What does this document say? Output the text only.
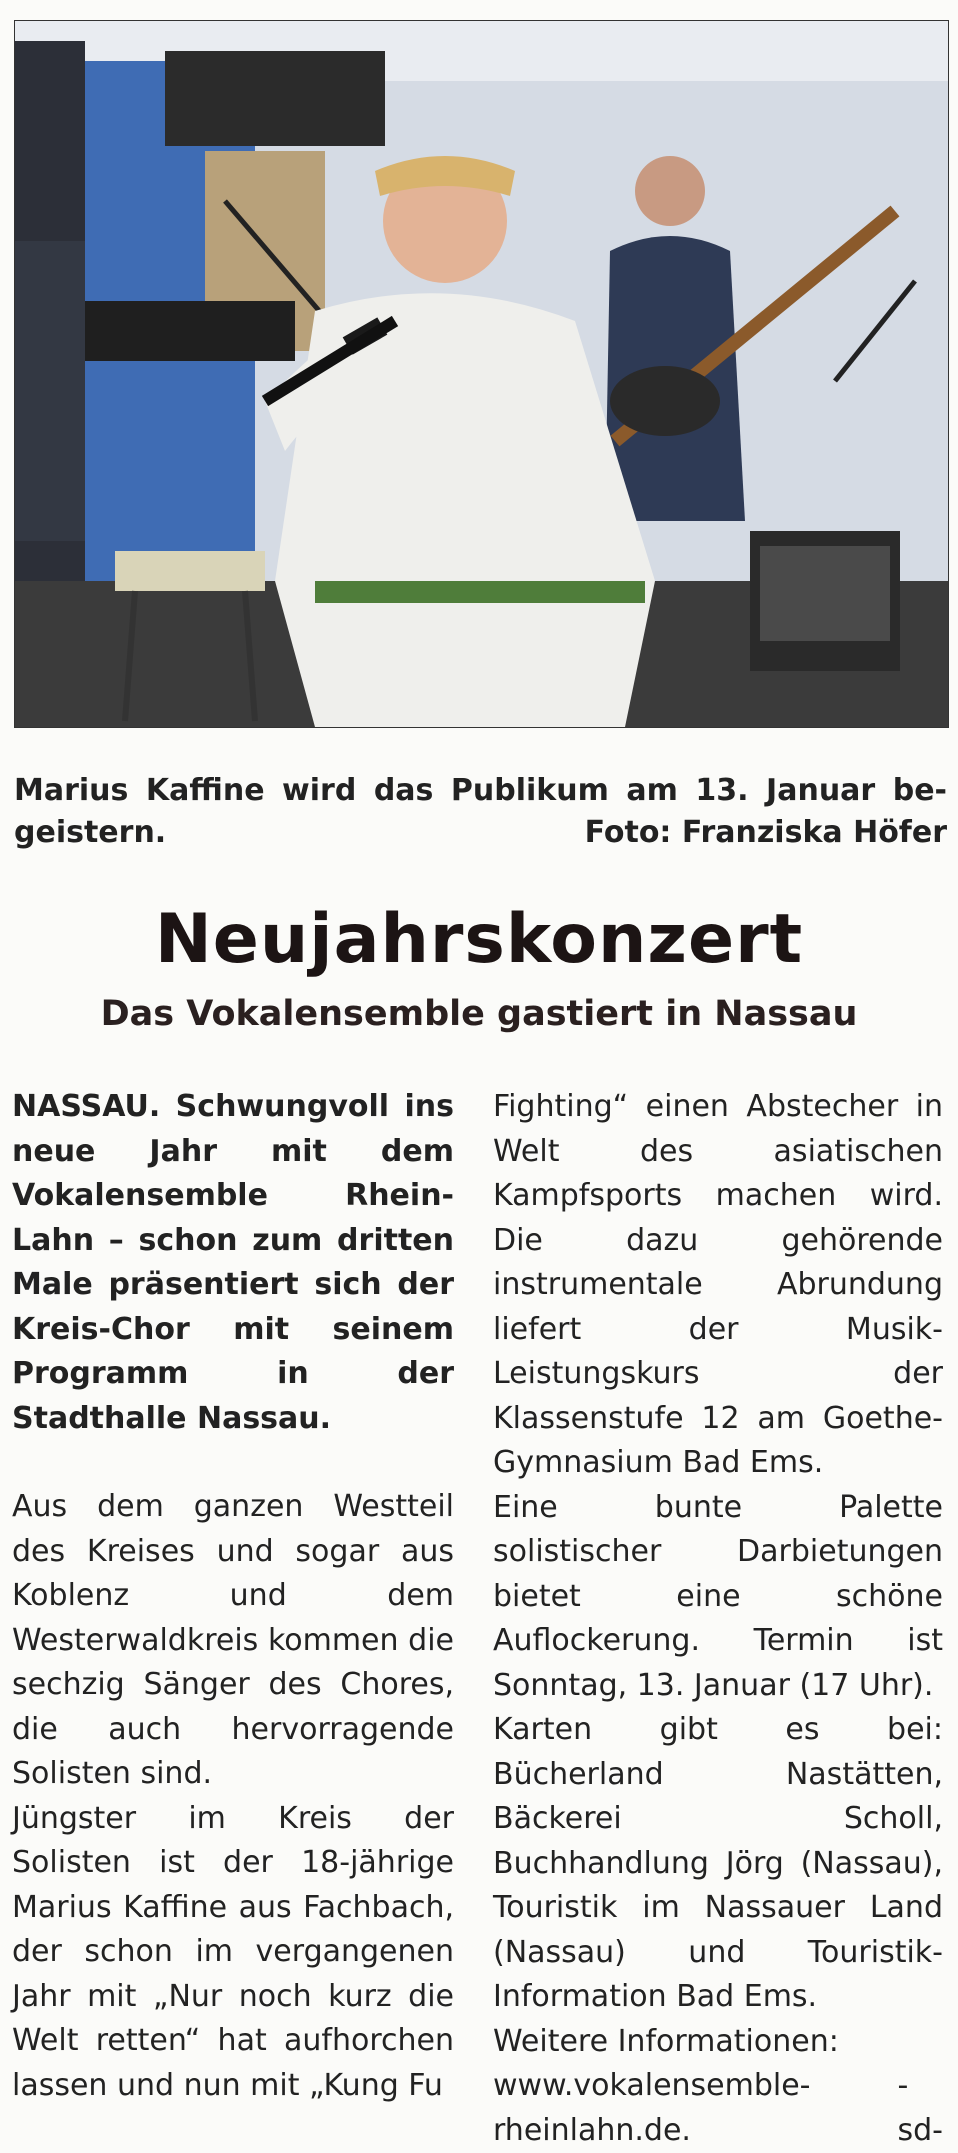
Marius Kaffine wird das Publikum am 13. Januar be-
geistern.	Foto: Franziska Höfer
Neujahrskonzert
Das Vokalensemble gastiert in Nassau

NASSAU. Schwungvoll ins neue Jahr mit dem Vokalensemble Rhein-Lahn – schon zum dritten Male präsentiert sich der Kreis-Chor mit seinem Programm in der Stadthalle Nassau.

Aus dem ganzen Westteil des Kreises und sogar aus Koblenz und dem Westerwaldkreis kommen die sechzig Sänger des Chores, die auch hervorragende Solisten sind.

Jüngster im Kreis der Solisten ist der 18-jährige Marius Kaffine aus Fachbach, der schon im vergangenen Jahr mit „Nur noch kurz die Welt retten“ hat aufhorchen lassen und nun mit „Kung Fu

Fighting“ einen Abstecher in Welt des asiatischen Kampfsports machen wird. Die dazu gehörende instrumentale Abrundung liefert der Musik-Leistungskurs der Klassenstufe 12 am Goethe-Gymnasium Bad Ems.

Eine bunte Palette solistischer Darbietungen bietet eine schöne Auflockerung. Termin ist Sonntag, 13. Januar (17 Uhr).

Karten gibt es bei: Bücherland Nastätten, Bäckerei Scholl, Buchhandlung Jörg (Nassau), Touristik im Nassauer Land (Nassau) und Touristik-Information Bad Ems.

Weitere Informationen:

www.vokalensemble-rheinlahn.de.
-sd-
